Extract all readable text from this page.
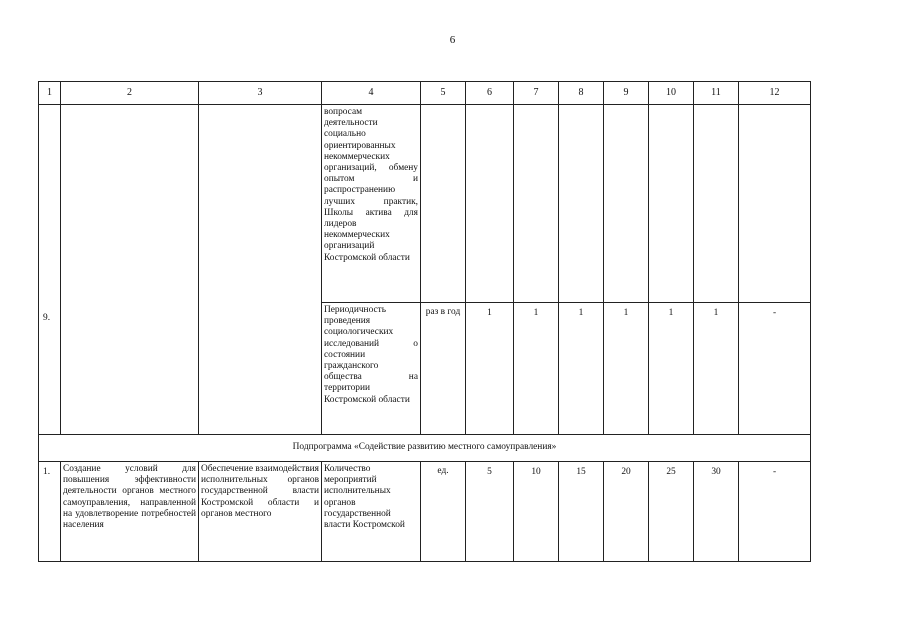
6
1	2	3	4	5	6	7	8	9	10	11	12
9.			вопросам деятельности социально ориентированных некоммерческих организаций, обмену опытом и распространению лучших практик, Школы актива для лидеров некоммерческих организаций Костромской области								
			Периодичность проведения социологических исследований о состоянии гражданского общества на территории Костромской области	раз в год	1	1	1	1	1	1	-
Подпрограмма «Содействие развитию местного самоуправления»											
1.	Создание условий для повышения эффективности деятельности органов местного самоуправления, направленной на удовлетворение потребностей населения	Обеспечение взаимодействия исполнительных органов государственной власти Костромской области и органов местного	Количество мероприятий исполнительных органов государственной власти Костромской	ед.	5	10	15	20	25	30	-
